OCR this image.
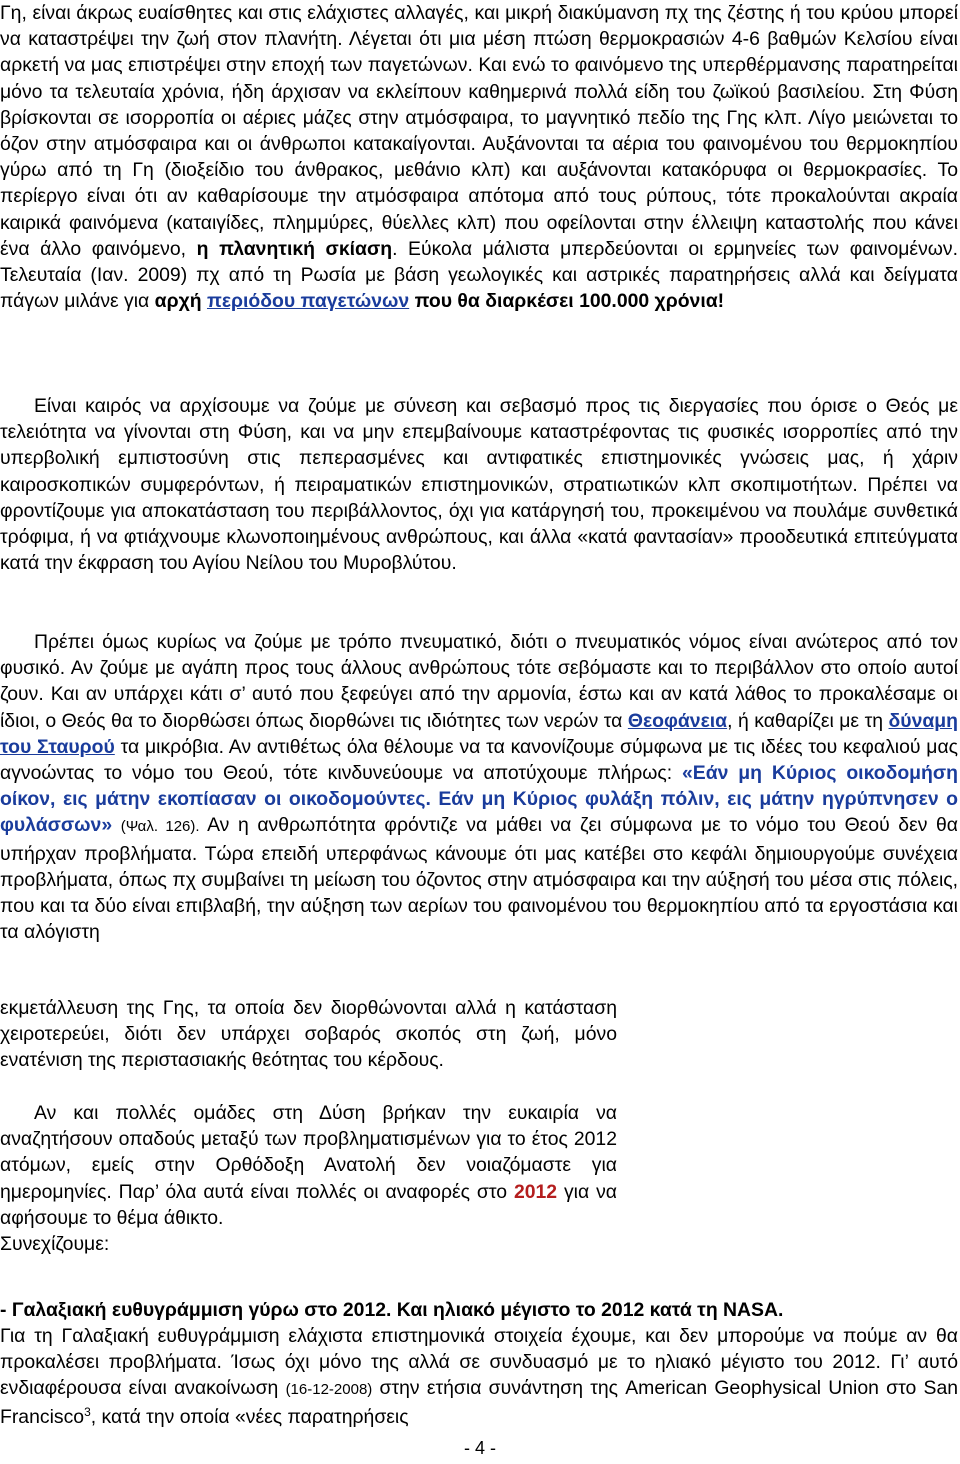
Γη, είναι άκρως ευαίσθητες και στις ελάχιστες αλλαγές, και μικρή διακύμανση πχ της ζέστης ή του κρύου μπορεί να καταστρέψει την ζωή στον πλανήτη. Λέγεται ότι μια μέση πτώση θερμοκρασιών 4-6 βαθμών Κελσίου είναι αρκετή να μας επιστρέψει στην εποχή των παγετώνων. Και ενώ το φαινόμενο της υπερθέρμανσης παρατηρείται μόνο τα τελευταία χρόνια, ήδη άρχισαν να εκλείπουν καθημερινά πολλά είδη του ζωϊκού βασιλείου. Στη Φύση βρίσκονται σε ισορροπία οι αέριες μάζες στην ατμόσφαιρα, το μαγνητικό πεδίο της Γης κλπ. Λίγο μειώνεται το όζον στην ατμόσφαιρα και οι άνθρωποι κατακαίγονται. Αυξάνονται τα αέρια του φαινομένου του θερμοκηπίου γύρω από τη Γη (διοξείδιο του άνθρακος, μεθάνιο κλπ) και αυξάνονται κατακόρυφα οι θερμοκρασίες. Το περίεργο είναι ότι αν καθαρίσουμε την ατμόσφαιρα απότομα από τους ρύπους, τότε προκαλούνται ακραία καιρικά φαινόμενα (καταιγίδες, πλημμύρες, θύελλες κλπ) που οφείλονται στην έλλειψη καταστολής που κάνει ένα άλλο φαινόμενο, η πλανητική σκίαση. Εύκολα μάλιστα μπερδεύονται οι ερμηνείες των φαινομένων. Τελευταία (Ιαν. 2009) πχ από τη Ρωσία με βάση γεωλογικές και αστρικές παρατηρήσεις αλλά και δείγματα πάγων μιλάνε για αρχή περιόδου παγετώνων που θα διαρκέσει 100.000 χρόνια!

Είναι καιρός να αρχίσουμε να ζούμε με σύνεση και σεβασμό προς τις διεργασίες που όρισε ο Θεός με τελειότητα να γίνονται στη Φύση, και να μην επεμβαίνουμε καταστρέφοντας τις φυσικές ισορροπίες από την υπερβολική εμπιστοσύνη στις πεπερασμένες και αντιφατικές επιστημονικές γνώσεις μας, ή χάριν καιροσκοπικών συμφερόντων, ή πειραματικών επιστημονικών, στρατιωτικών κλπ σκοπιμοτήτων. Πρέπει να φροντίζουμε για αποκατάσταση του περιβάλλοντος, όχι για κατάργησή του, προκειμένου να πουλάμε συνθετικά τρόφιμα, ή να φτιάχνουμε κλωνοποιημένους ανθρώπους, και άλλα «κατά φαντασίαν» προοδευτικά επιτεύγματα κατά την έκφραση του Αγίου Νείλου του Μυροβλύτου.

Πρέπει όμως κυρίως να ζούμε με τρόπο πνευματικό, διότι ο πνευματικός νόμος είναι ανώτερος από τον φυσικό. Αν ζούμε με αγάπη προς τους άλλους ανθρώπους τότε σεβόμαστε και το περιβάλλον στο οποίο αυτοί ζουν. Και αν υπάρχει κάτι σ’ αυτό που ξεφεύγει από την αρμονία, έστω και αν κατά λάθος το προκαλέσαμε οι ίδιοι, ο Θεός θα το διορθώσει όπως διορθώνει τις ιδιότητες των νερών τα Θεοφάνεια, ή καθαρίζει με τη δύναμη του Σταυρού τα μικρόβια. Αν αντιθέτως όλα θέλουμε να τα κανονίζουμε σύμφωνα με τις ιδέες του κεφαλιού μας αγνοώντας το νόμο του Θεού, τότε κινδυνεύουμε να αποτύχουμε πλήρως: «Εάν μη Κύριος οικοδομήση οίκον, εις μάτην εκοπίασαν οι οικοδομούντες. Εάν μη Κύριος φυλάξη πόλιν, εις μάτην ηγρύπνησεν ο φυλάσσων» (Ψαλ. 126). Αν η ανθρωπότητα φρόντιζε να μάθει να ζει σύμφωνα με το νόμο του Θεού δεν θα υπήρχαν προβλήματα. Τώρα επειδή υπερφάνως κάνουμε ότι μας κατέβει στο κεφάλι δημιουργούμε συνέχεια προβλήματα, όπως πχ συμβαίνει τη μείωση του όζοντος στην ατμόσφαιρα και την αύξησή του μέσα στις πόλεις, που και τα δύο είναι επιβλαβή, την αύξηση των αερίων του φαινομένου του θερμοκηπίου από τα εργοστάσια και τα αλόγιστη

εκμετάλλευση της Γης, τα οποία δεν διορθώνονται αλλά η κατάσταση χειροτερεύει, διότι δεν υπάρχει σοβαρός σκοπός στη ζωή, μόνο ενατένιση της περιστασιακής θεότητας του κέρδους.

Αν και πολλές ομάδες στη Δύση βρήκαν την ευκαιρία να αναζητήσουν οπαδούς μεταξύ των προβληματισμένων για το έτος 2012 ατόμων, εμείς στην Ορθόδοξη Ανατολή δεν νοιαζόμαστε για ημερομηνίες. Παρ’ όλα αυτά είναι πολλές οι αναφορές στο 2012 για να αφήσουμε το θέμα άθικτο.
Συνεχίζουμε:

- Γαλαξιακή ευθυγράμμιση γύρω στο 2012. Και ηλιακό μέγιστο το 2012 κατά τη NASA.

Για τη Γαλαξιακή ευθυγράμμιση ελάχιστα επιστημονικά στοιχεία έχουμε, και δεν μπορούμε να πούμε αν θα προκαλέσει προβλήματα. Ίσως όχι μόνο της αλλά σε συνδυασμό με το ηλιακό μέγιστο του 2012. Γι’ αυτό ενδιαφέρουσα είναι ανακοίνωση (16-12-2008) στην ετήσια συνάντηση της American Geophysical Union στο San Francisco$^3$, κατά την οποία «νέες παρατηρήσεις

- 4 -
